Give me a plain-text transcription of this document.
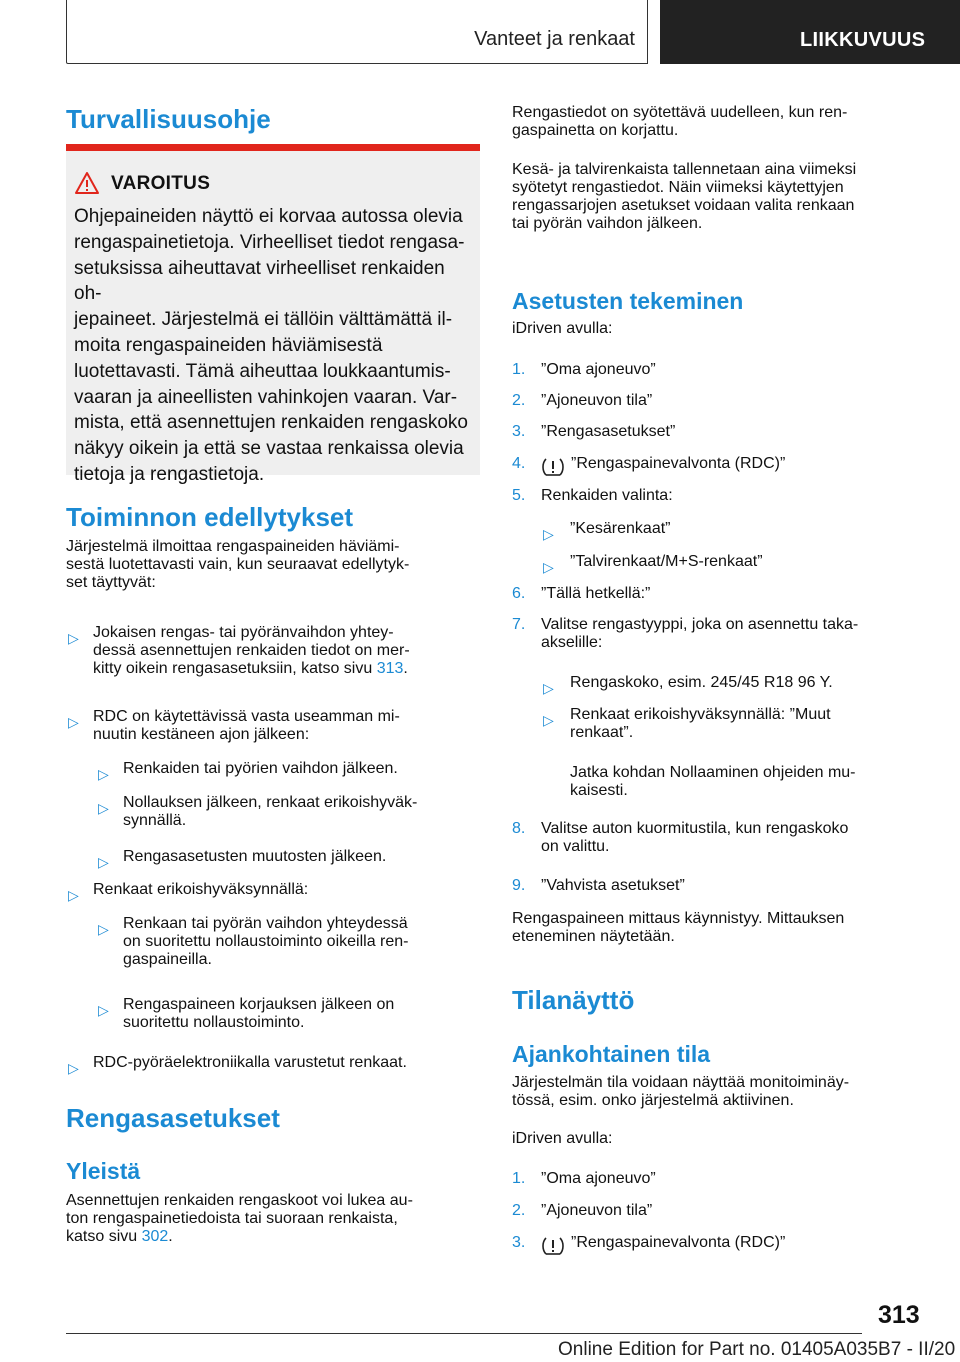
Vanteet ja renkaat	LIIKKUVUUS
Turvallisuusohje
VAROITUS
Ohjepaineiden näyttö ei korvaa autossa olevia
rengaspainetietoja. Virheelliset tiedot rengasa-
setuksissa aiheuttavat virheelliset renkaiden oh-
jepaineet. Järjestelmä ei tällöin välttämättä il-
moita rengaspaineiden häviämisestä
luotettavasti. Tämä aiheuttaa loukkaantumis-
vaaran ja aineellisten vahinkojen vaaran. Var-
mista, että asennettujen renkaiden rengaskoko
näkyy oikein ja että se vastaa renkaissa olevia
tietoja ja rengastietoja.
Toiminnon edellytykset
Järjestelmä ilmoittaa rengaspaineiden häviämi-
sestä luotettavasti vain, kun seuraavat edellytyk-
set täyttyvät:
▷ Jokaisen rengas- tai pyöränvaihdon yhtey-
dessä asennettujen renkaiden tiedot on mer-
kitty oikein rengasasetuksiin, katso sivu 313.
▷ RDC on käytettävissä vasta useamman mi-
nuutin kestäneen ajon jälkeen:
▷ Renkaiden tai pyörien vaihdon jälkeen.
▷ Nollauksen jälkeen, renkaat erikoishyväk-
synnällä.
▷ Rengasasetusten muutosten jälkeen.
▷ Renkaat erikoishyväksynnällä:
▷ Renkaan tai pyörän vaihdon yhteydessä
on suoritettu nollaustoiminto oikeilla ren-
gaspaineilla.
▷ Rengaspaineen korjauksen jälkeen on
suoritettu nollaustoiminto.
▷ RDC-pyöräelektroniikalla varustetut renkaat.
Rengasasetukset
Yleistä
Asennettujen renkaiden rengaskoot voi lukea au-
ton rengaspainetiedoista tai suoraan renkaista,
katso sivu 302.
Rengastiedot on syötettävä uudelleen, kun ren-
gaspainetta on korjattu.
Kesä- ja talvirenkaista tallennetaan aina viimeksi
syötetyt rengastiedot. Näin viimeksi käytettyjen
rengassarjojen asetukset voidaan valita renkaan
tai pyörän vaihdon jälkeen.
Asetusten tekeminen
iDriven avulla:
1. ”Oma ajoneuvo”
2. ”Ajoneuvon tila”
3. ”Rengasasetukset”
4.	”Rengaspainevalvonta (RDC)”
5. Renkaiden valinta:
▷ ”Kesärenkaat”
▷ ”Talvirenkaat/M+S-renkaat”
6. ”Tällä hetkellä:”
7. Valitse rengastyyppi, joka on asennettu taka-
akselille:
▷ Rengaskoko, esim. 245/45 R18 96 Y.
▷ Renkaat erikoishyväksynnällä: ”Muut
renkaat”.
Jatka kohdan Nollaaminen ohjeiden mu-
kaisesti.
8. Valitse auton kuormitustila, kun rengaskoko
on valittu.
9. ”Vahvista asetukset”
Rengaspaineen mittaus käynnistyy. Mittauksen
eteneminen näytetään.
Tilanäyttö
Ajankohtainen tila
Järjestelmän tila voidaan näyttää monitoiminäy-
tössä, esim. onko järjestelmä aktiivinen.
iDriven avulla:
1. ”Oma ajoneuvo”
2. ”Ajoneuvon tila”
3.	”Rengaspainevalvonta (RDC)”
313
Online Edition for Part no. 01405A035B7 - II/20
